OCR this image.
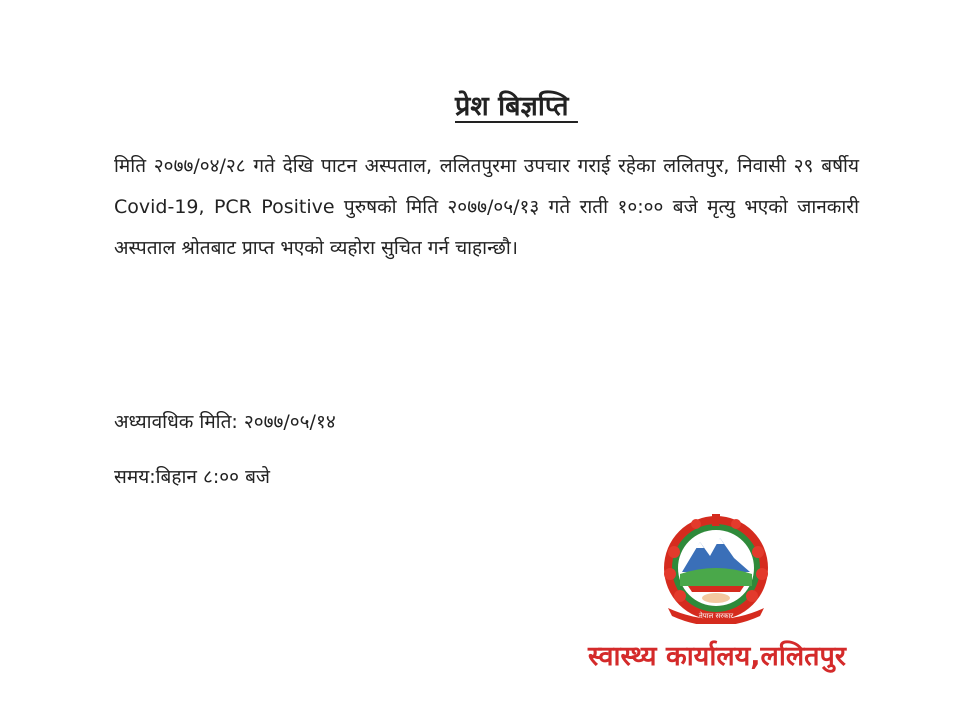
प्रेश बिज्ञप्ति
मिति २०७७/०४/२८ गते देखि पाटन अस्पताल, ललितपुरमा उपचार गराई रहेका ललितपुर, निवासी २९ बर्षीय Covid-19, PCR Positive पुरुषको मिति २०७७/०५/१३ गते राती १०:०० बजे मृत्यु भएको जानकारी अस्पताल श्रोतबाट प्राप्त भएको व्यहोरा सुचित गर्न चाहान्छौ।
अध्यावधिक मिति: २०७७/०५/१४
समय:बिहान ८:०० बजे
नेपाल सरकार
स्वास्थ्य कार्यालय,ललितपुर
